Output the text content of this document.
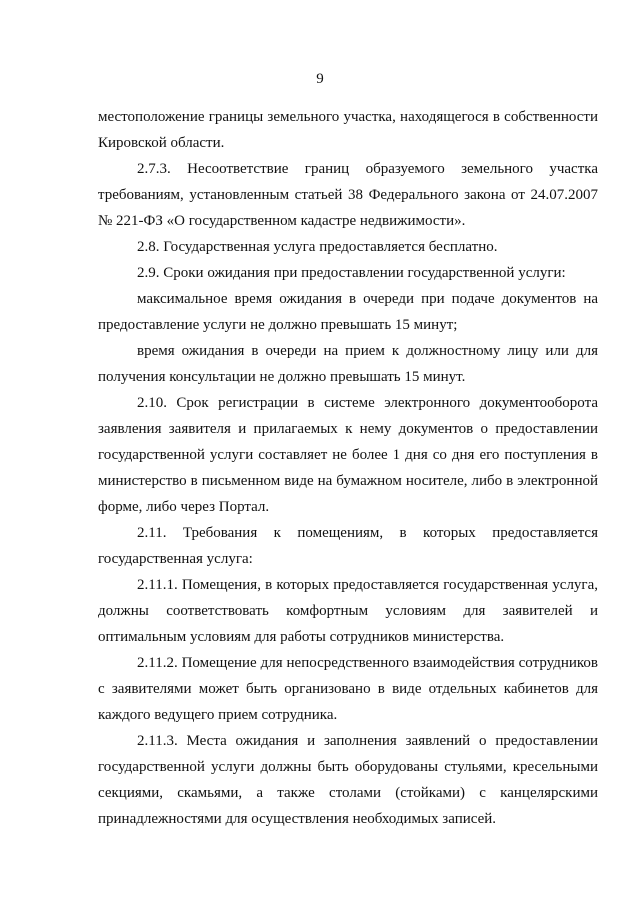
9

местоположение границы земельного участка, находящегося в собственности Кировской области.

2.7.3. Несоответствие границ образуемого земельного участка требованиям, установленным статьей 38 Федерального закона от 24.07.2007 № 221-ФЗ «О государственном кадастре недвижимости».

2.8. Государственная услуга предоставляется бесплатно.

2.9. Сроки ожидания при предоставлении государственной услуги:

максимальное время ожидания в очереди при подаче документов на предоставление услуги не должно превышать 15 минут;

время ожидания в очереди на прием к должностному лицу или для получения консультации не должно превышать 15 минут.

2.10. Срок регистрации в системе электронного документооборота заявления заявителя и прилагаемых к нему документов о предоставлении государственной услуги составляет не более 1 дня со дня его поступления в министерство в письменном виде на бумажном носителе, либо в электронной форме, либо через Портал.

2.11. Требования к помещениям, в которых предоставляется государственная услуга:

2.11.1. Помещения, в которых предоставляется государственная услуга, должны соответствовать комфортным условиям для заявителей и оптимальным условиям для работы сотрудников министерства.

2.11.2. Помещение для непосредственного взаимодействия сотрудников с заявителями может быть организовано в виде отдельных кабинетов для каждого ведущего прием сотрудника.

2.11.3. Места ожидания и заполнения заявлений о предоставлении государственной услуги должны быть оборудованы стульями, кресельными секциями, скамьями, а также столами (стойками) с канцелярскими принадлежностями для осуществления необходимых записей.
